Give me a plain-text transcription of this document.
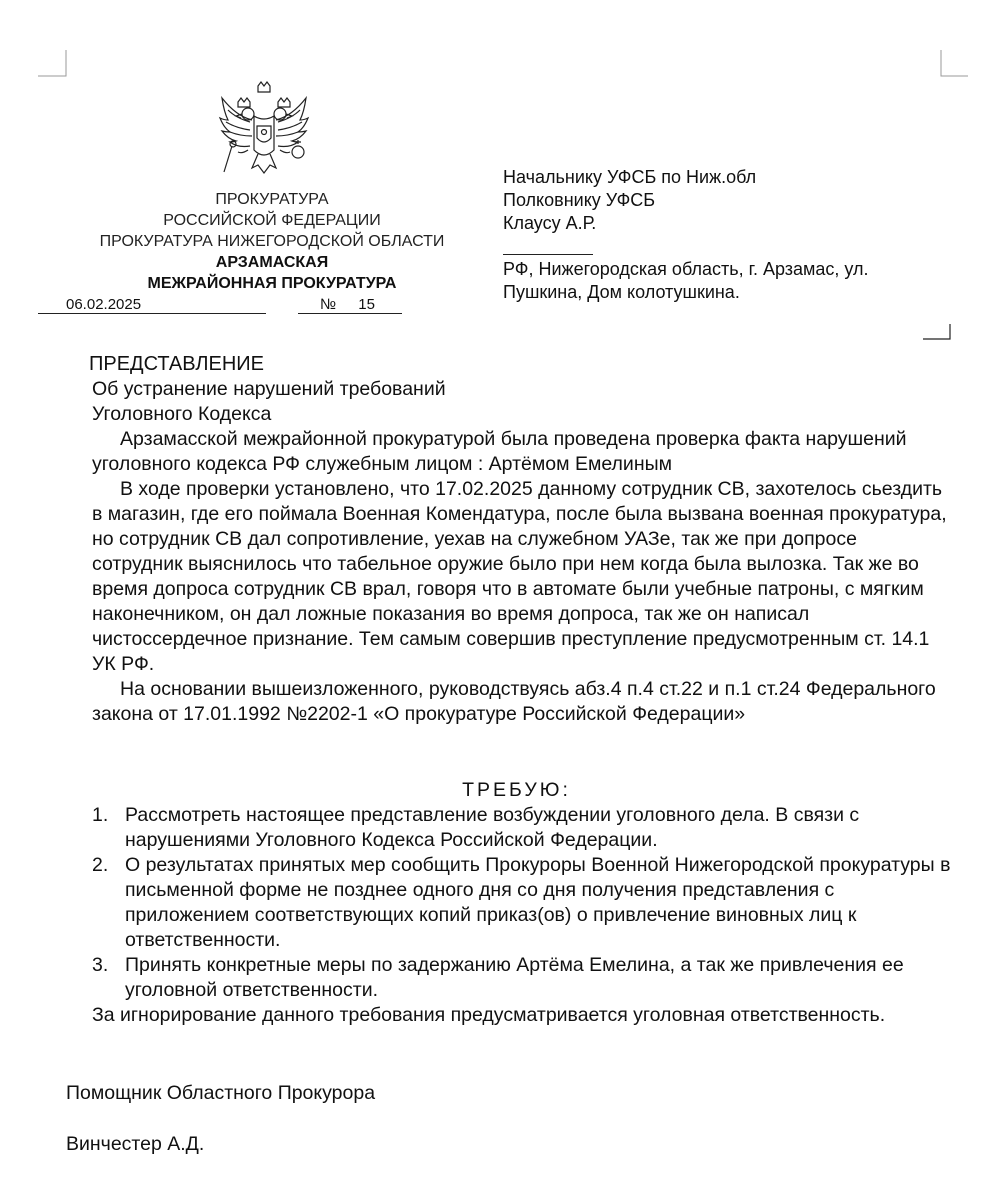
ПРОКУРАТУРА
РОССИЙСКОЙ ФЕДЕРАЦИИ
ПРОКУРАТУРА НИЖЕГОРОДСКОЙ ОБЛАСТИ
АРЗАМАСКАЯ
МЕЖРАЙОННАЯ ПРОКУРАТУРА
06.02.2025	№ 15
Начальнику УФСБ по Ниж.обл
Полковнику УФСБ
Клаусу А.Р.
РФ, Нижегородская область, г. Арзамас, ул.
Пушкина, Дом колотушкина.
ПРЕДСТАВЛЕНИЕ

Об устранение нарушений требований

Уголовного Кодекса

Арзамасской межрайонной прокуратурой была проведена проверка факта нарушений уголовного кодекса РФ служебным лицом : Артёмом Емелиным

В ходе проверки установлено, что 17.02.2025 данному сотрудник СВ, захотелось сьездить в магазин, где его поймала Военная Комендатура, после была вызвана военная прокуратура, но сотрудник СВ дал сопротивление, уехав на служебном УАЗе, так же при допросе сотрудник выяснилось что табельное оружие было при нем когда была вылозка. Так же во время допроса сотрудник СВ врал, говоря что в автомате были учебные патроны, с мягким наконечником, он дал ложные показания во время допроса, так же он написал чистоссердечное признание. Тем самым совершив преступление предусмотренным ст. 14.1 УК РФ.

На основании вышеизложенного, руководствуясь абз.4 п.4 ст.22 и п.1 ст.24 Федерального закона от 17.01.1992 №2202-1 «О прокуратуре Российской Федерации»

ТРЕБУЮ:
1. Рассмотреть настоящее представление возбуждении уголовного дела. В связи с нарушениями Уголовного Кодекса Российской Федерации.
2. О результатах принятых мер сообщить Прокуроры Военной Нижегородской прокуратуры в письменной форме не позднее одного дня со дня получения представления с приложением соответствующих копий приказ(ов) о привлечение виновных лиц к ответственности.
3. Принять конкретные меры по задержанию Артёма Емелина, а так же привлечения ее уголовной ответственности.
За игнорирование данного требования предусматривается уголовная ответственность.
Помощник Областного Прокурора
Винчестер А.Д.
